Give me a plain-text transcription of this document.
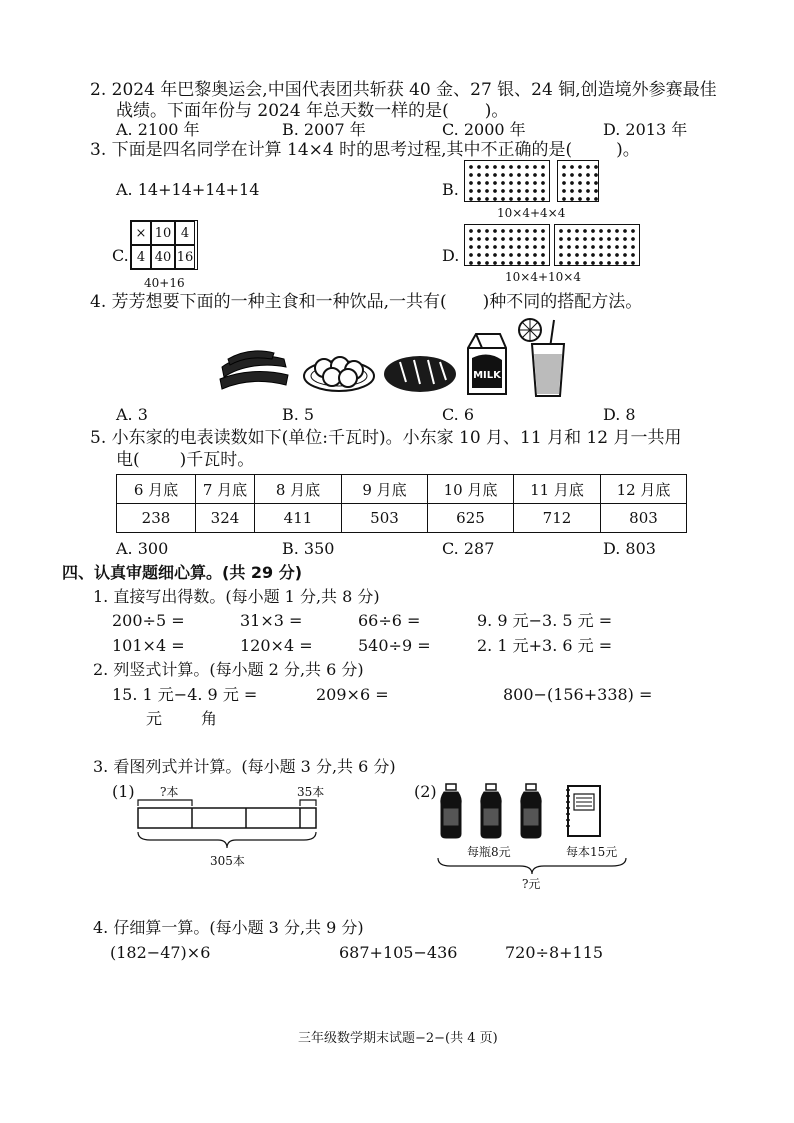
2. 2024 年巴黎奥运会,中国代表团共斩获 40 金、27 银、24 铜,创造境外参赛最佳
战绩。下面年份与 2024 年总天数一样的是( )。
A. 2100 年	B. 2007 年	C. 2000 年	D. 2013 年
3. 下面是四名同学在计算 14×4 时的思考过程,其中不正确的是(	)。
A. 14+14+14+14	B.
10×4+4×4
C.
× 10 4
4 40 16
40+16
D.
10×4+10×4
4. 芳芳想要下面的一种主食和一种饮品,一共有( )种不同的搭配方法。
MILK
A. 3	B. 5	C. 6	D. 8
5. 小东家的电表读数如下(单位:千瓦时)。小东家 10 月、11 月和 12 月一共用
电( )千瓦时。
6 月底	7 月底	8 月底	9 月底	10 月底	11 月底	12 月底
238	324	411	503	625	712	803
A. 300	B. 350	C. 287	D. 803
四、认真审题细心算。(共 29 分)
1. 直接写出得数。(每小题 1 分,共 8 分)
200÷5 =	31×3 =	66÷6 =	9. 9 元−3. 5 元 =
101×4 =	120×4 =	540÷9 =	2. 1 元+3. 6 元 =
2. 列竖式计算。(每小题 2 分,共 6 分)
15. 1 元−4. 9 元 =	209×6 =	800−(156+338) =
元 角
3. 看图列式并计算。(每小题 3 分,共 6 分)
(1) ?本	35本
305本
(2)
每瓶8元	每本15元
?元
4. 仔细算一算。(每小题 3 分,共 9 分)
(182−47)×6	687+105−436	720÷8+115
三年级数学期末试题−2−(共 4 页)
